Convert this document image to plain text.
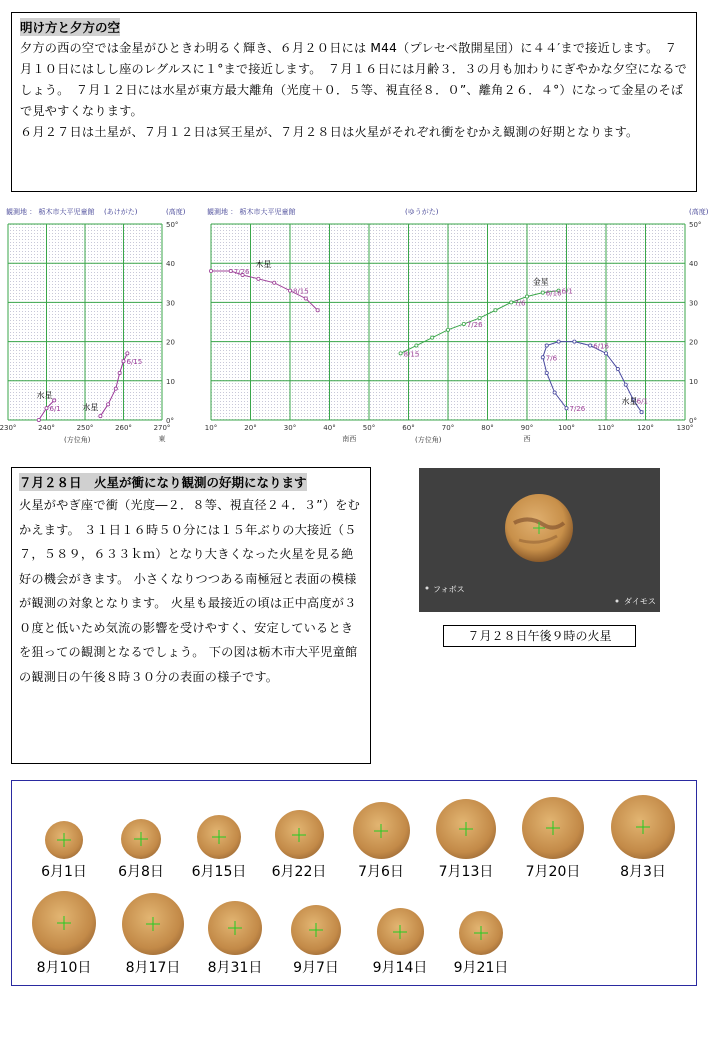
明け方と夕方の空
夕方の西の空では金星がひときわ明るく輝き、６月２０日には M44（プレセペ散開星団）に４４′まで接近します。　７月１０日にはしし座のレグルスに１°まで接近します。　７月１６日には月齢３．３の月も加わりにぎやかな夕空になるでしょう。　７月１２日には水星が東方最大離角（光度＋０．５等、視直径８．０”、離角２６．４°）になって金星のそばで見やすくなります。
６月２７日は土星が、７月１２日は冥王星が、７月２８日は火星がそれぞれ衝をむかえ観測の好期となります。
230°	240°	250°	260°	270°
0°
10
20
30
40
50°
観測地 ： 栃木市大平児童館 (あけがた)	(高度)
(方位角)
水星
6/1	水星
6/15
東
10°	20°	30°	40°	50°	60°	70°	80°	90°	100°	110°	120°	130°
0°
10
20
30
40
50°
観測地 ： 栃木市大平児童館	(ゆうがた)	(高度)
(方位角)
木星
7/26
8/15
金星
8/15
7/26
7/6
6/16 6/1
水星
7/26
7/6
6/16
6/1
南西	西
７月２８日　火星が衝になり観測の好期になります
火星がやぎ座で衝（光度―２．８等、視直径２４．３”）をむかえます。 ３１日１６時５０分には１５年ぶりの大接近（５７，５８９，６３３ｋｍ）となり大きくなった火星を見る絶好の機会がきます。 小さくなりつつある南極冠と表面の模様が観測の対象となります。 火星も最接近の頃は正中高度が３０度と低いため気流の影響を受けやすく、安定しているときを狙っての観測となるでしょう。 下の図は栃木市大平児童館の観測日の午後８時３０分の表面の様子です。
フォボス
ダイモス
７月２８日午後９時の火星
6月1日	6月8日	6月15日	6月22日	7月6日	7月13日	7月20日	8月3日
8月10日	8月17日	8月31日	9月7日	9月14日	9月21日
